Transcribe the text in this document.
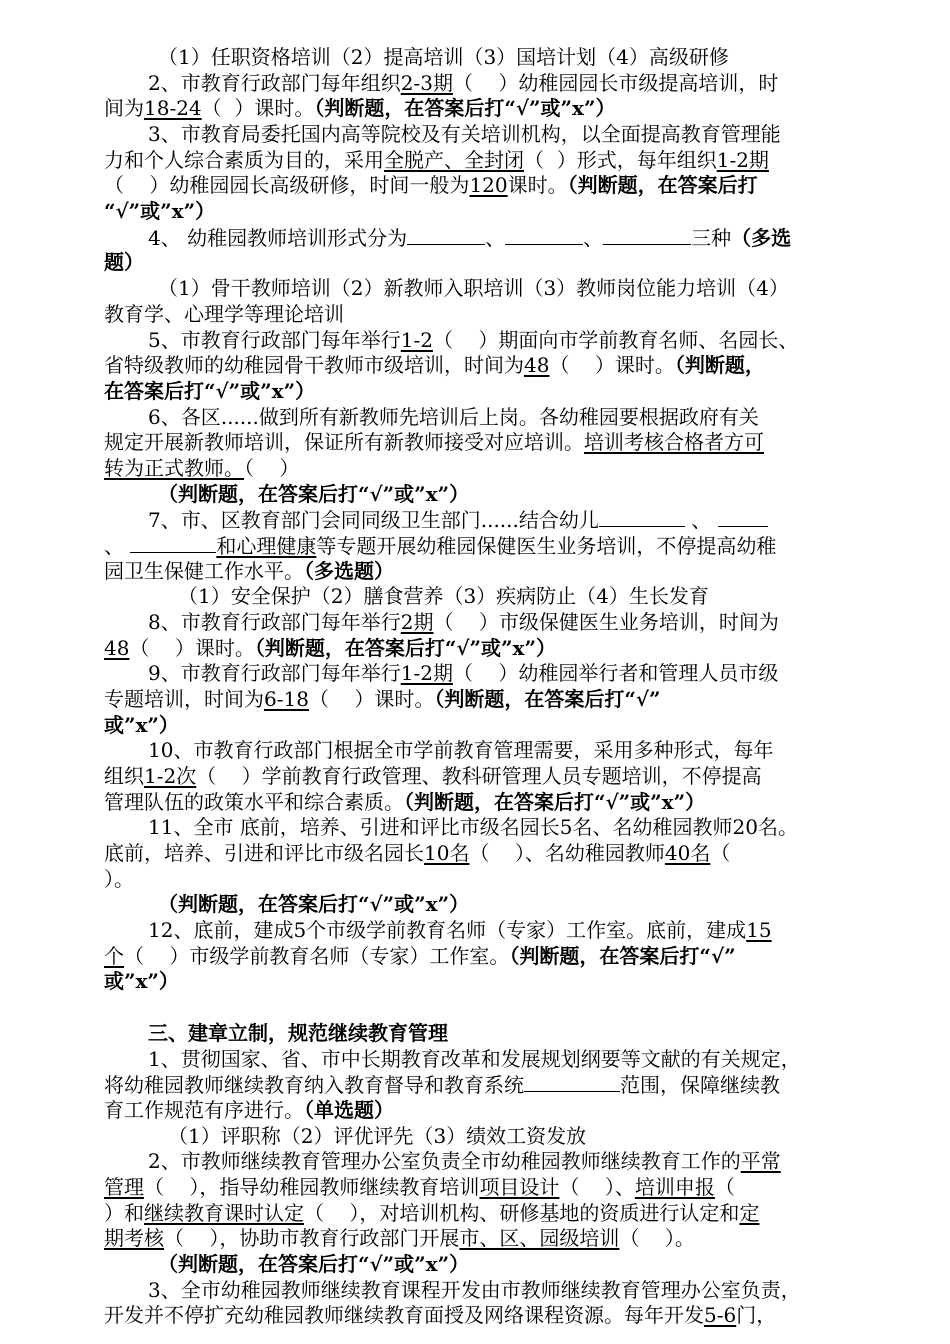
（1）任职资格培训（2）提高培训（3）国培计划（4）高级研修
2、市教育行政部门每年组织2-3期（    ）幼稚园园长市级提高培训，时
间为18-24（  ）课时。（判断题，在答案后打“√”或”x”）
3、市教育局委托国内高等院校及有关培训机构，以全面提高教育管理能
力和个人综合素质为目的，采用全脱产、全封闭（  ）形式，每年组织1-2期
（    ）幼稚园园长高级研修，时间一般为120课时。（判断题，在答案后打
“√”或”x”）
4、 幼稚园教师培训形式分为	、	、	三种（多选
题）
（1）骨干教师培训（2）新教师入职培训（3）教师岗位能力培训（4）
教育学、心理学等理论培训
5、市教育行政部门每年举行1-2（    ）期面向市学前教育名师、名园长、
省特级教师的幼稚园骨干教师市级培训，时间为48（    ）课时。（判断题，
在答案后打“√”或”x”）
6、各区......做到所有新教师先培训后上岗。各幼稚园要根据政府有关
规定开展新教师培训，保证所有新教师接受对应培训。培训考核合格者方可
转为正式教师。（    ）
（判断题，在答案后打“√”或”x”）
7、市、区教育部门会同同级卫生部门......结合幼儿	、
、	和心理健康等专题开展幼稚园保健医生业务培训，不停提高幼稚
园卫生保健工作水平。（多选题）
（1）安全保护（2）膳食营养（3）疾病防止（4）生长发育
8、市教育行政部门每年举行2期（    ）市级保健医生业务培训，时间为
48（    ）课时。（判断题，在答案后打“√”或”x”）
9、市教育行政部门每年举行1-2期（    ）幼稚园举行者和管理人员市级
专题培训，时间为6-18（    ）课时。（判断题，在答案后打“√”
或”x”）
10、市教育行政部门根据全市学前教育管理需要，采用多种形式，每年
组织1-2次（    ）学前教育行政管理、教科研管理人员专题培训，不停提高
管理队伍的政策水平和综合素质。（判断题，在答案后打“√”或”x”）
11、全市 底前，培养、引进和评比市级名园长5名、名幼稚园教师20名。
底前，培养、引进和评比市级名园长10名（    ）、名幼稚园教师40名（
）。
（判断题，在答案后打“√”或”x”）
12、底前，建成5个市级学前教育名师（专家）工作室。底前，建成15
个（    ）市级学前教育名师（专家）工作室。（判断题，在答案后打“√”
或”x”）
三、建章立制，规范继续教育管理
1、贯彻国家、省、市中长期教育改革和发展规划纲要等文献的有关规定，
将幼稚园教师继续教育纳入教育督导和教育系统	范围，保障继续教
育工作规范有序进行。（单选题）
（1）评职称（2）评优评先（3）绩效工资发放
2、市教师继续教育管理办公室负责全市幼稚园教师继续教育工作的平常
管理（    ），指导幼稚园教师继续教育培训项目设计（    ）、培训申报（
）和继续教育课时认定（    ），对培训机构、研修基地的资质进行认定和定
期考核（    ），协助市教育行政部门开展市、区、园级培训（    ）。
（判断题，在答案后打“√”或”x”）
3、全市幼稚园教师继续教育课程开发由市教师继续教育管理办公室负责，
开发并不停扩充幼稚园教师继续教育面授及网络课程资源。每年开发5-6门，
